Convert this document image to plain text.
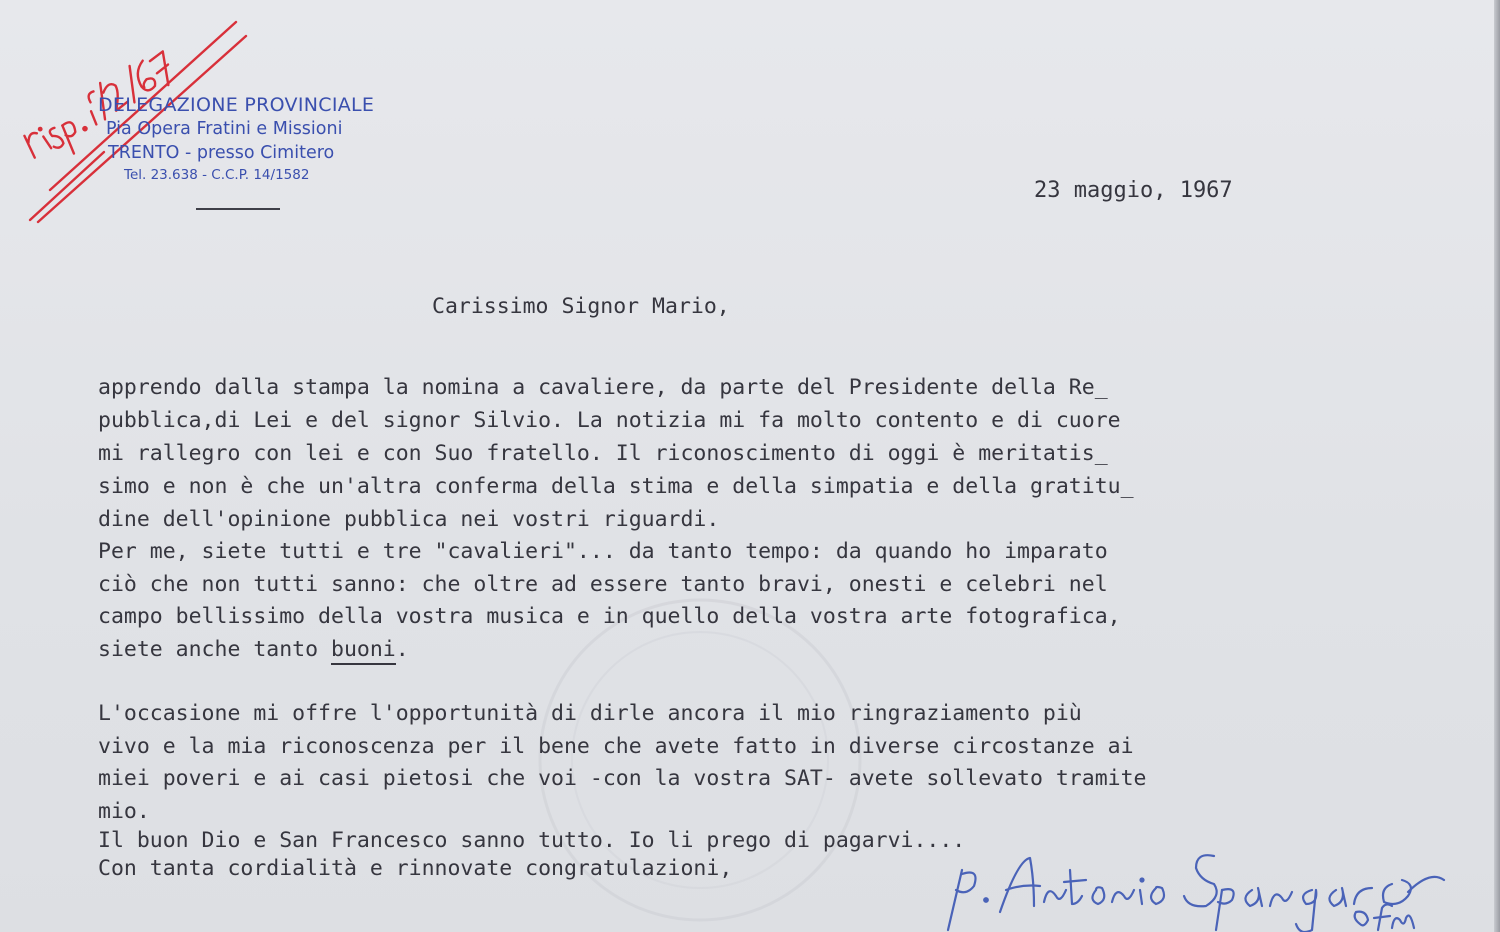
DELEGAZIONE PROVINCIALE
Pia Opera Fratini e Missioni
TRENTO - presso Cimitero
Tel. 23.638 - C.C.P. 14/1582
23 maggio, 1967
Carissimo Signor Mario,
apprendo dalla stampa la nomina a cavaliere, da parte del Presidente della Re_
pubblica,di Lei e del signor Silvio. La notizia mi fa molto contento e di cuore
mi rallegro con lei e con Suo fratello. Il riconoscimento di oggi è meritatis_
simo e non è che un'altra conferma della stima e della simpatia e della gratitu_
dine dell'opinione pubblica nei vostri riguardi.
Per me, siete tutti e tre "cavalieri"... da tanto tempo: da quando ho imparato
ciò che non tutti sanno: che oltre ad essere tanto bravi, onesti e celebri nel
campo bellissimo della vostra musica e in quello della vostra arte fotografica,
siete anche tanto buoni.
L'occasione mi offre l'opportunità di dirle ancora il mio ringraziamento più
vivo e la mia riconoscenza per il bene che avete fatto in diverse circostanze ai
miei poveri e ai casi pietosi che voi -con la vostra SAT- avete sollevato tramite
mio.
Il buon Dio e San Francesco sanno tutto. Io li prego di pagarvi....
Con tanta cordialità e rinnovate congratulazioni,
